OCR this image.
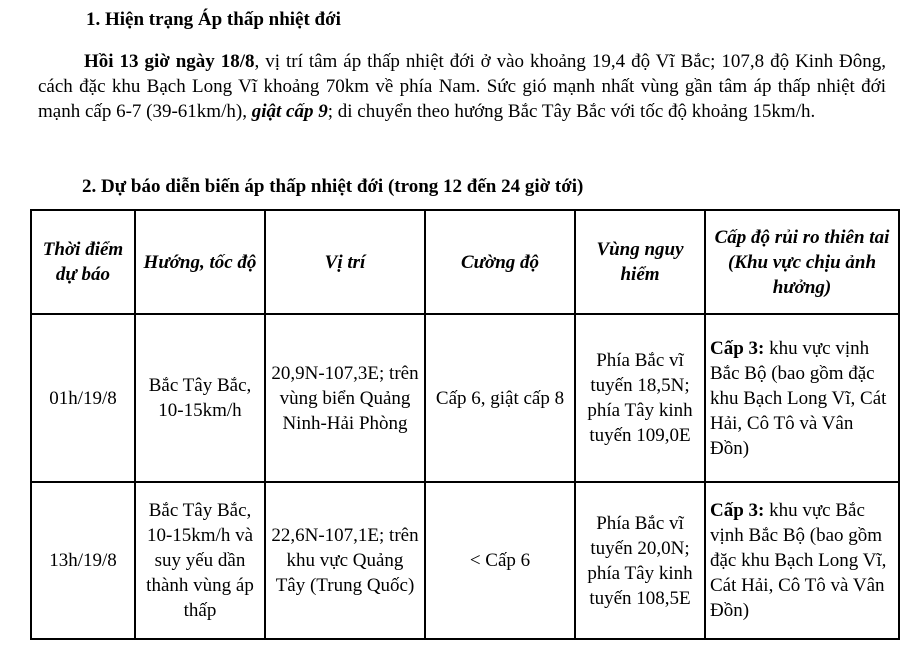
1. Hiện trạng Áp thấp nhiệt đới
Hồi 13 giờ ngày 18/8, vị trí tâm áp thấp nhiệt đới ở vào khoảng 19,4 độ Vĩ Bắc; 107,8 độ Kinh Đông, cách đặc khu Bạch Long Vĩ khoảng 70km về phía Nam. Sức gió mạnh nhất vùng gần tâm áp thấp nhiệt đới mạnh cấp 6-7 (39-61km/h), giật cấp 9; di chuyển theo hướng Bắc Tây Bắc với tốc độ khoảng 15km/h.
2. Dự báo diễn biến áp thấp nhiệt đới (trong 12 đến 24 giờ tới)
Thời điểm dự báo	Hướng, tốc độ	Vị trí	Cường độ	Vùng nguy hiểm	Cấp độ rủi ro thiên tai (Khu vực chịu ảnh hưởng)
01h/19/8	Bắc Tây Bắc, 10-15km/h	20,9N-107,3E; trên vùng biển Quảng Ninh-Hải Phòng	Cấp 6, giật cấp 8	Phía Bắc vĩ tuyến 18,5N; phía Tây kinh tuyến 109,0E	Cấp 3: khu vực vịnh Bắc Bộ (bao gồm đặc khu Bạch Long Vĩ, Cát Hải, Cô Tô và Vân Đồn)
13h/19/8	Bắc Tây Bắc, 10-15km/h và suy yếu dần thành vùng áp thấp	22,6N-107,1E; trên khu vực Quảng Tây (Trung Quốc)	< Cấp 6	Phía Bắc vĩ tuyến 20,0N; phía Tây kinh tuyến 108,5E	Cấp 3: khu vực Bắc vịnh Bắc Bộ (bao gồm đặc khu Bạch Long Vĩ, Cát Hải, Cô Tô và Vân Đồn)
